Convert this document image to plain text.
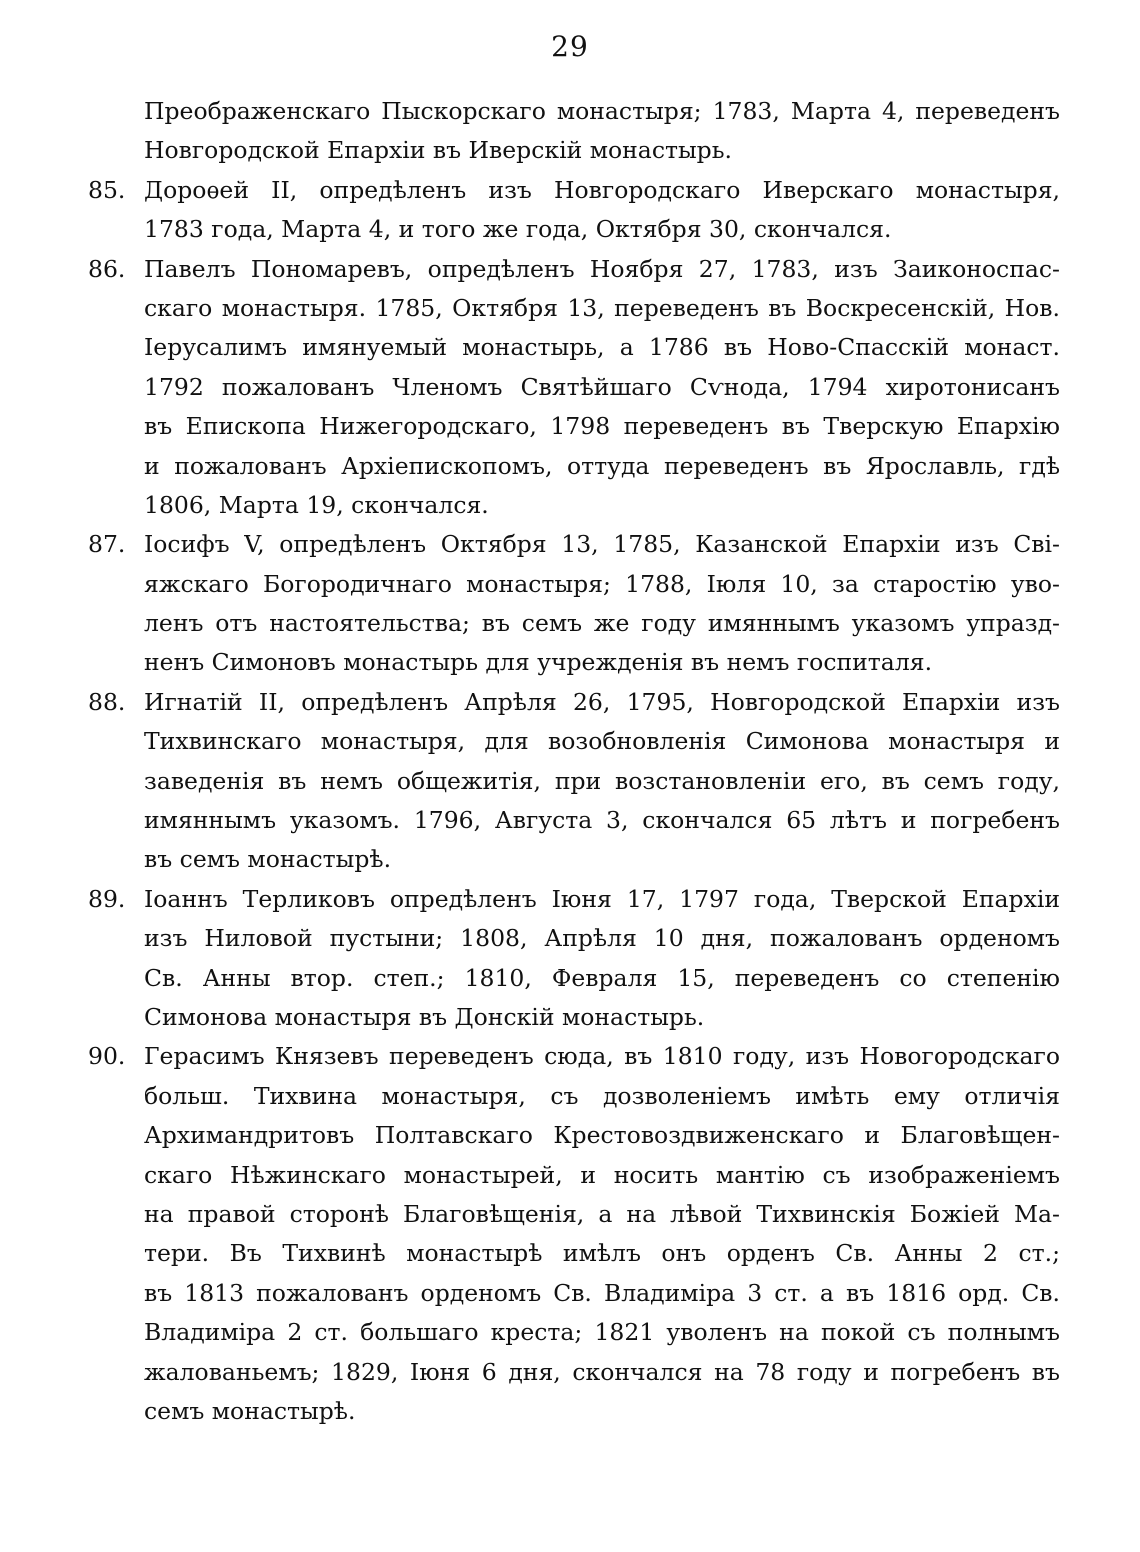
29
Преображенскаго Пыскорскаго монастыря; 1783, Марта 4, переведенъ
Новгородской Епархіи въ Иверскій монастырь.
85. Дороѳей II, опредѣленъ изъ Новгородскаго Иверскаго монастыря,
1783 года, Марта 4, и того же года, Октября 30, скончался.
86. Павелъ Пономаревъ, опредѣленъ Ноября 27, 1783, изъ Заиконоспас-
скаго монастыря. 1785, Октября 13, переведенъ въ Воскресенскій, Нов.
Іерусалимъ имянуемый монастырь, а 1786 въ Ново-Спасскій монаст.
1792 пожалованъ Членомъ Святѣйшаго Сѵнода, 1794 хиротонисанъ
въ Епископа Нижегородскаго, 1798 переведенъ въ Тверскую Епархію
и пожалованъ Архіепископомъ, оттуда переведенъ въ Ярославль, гдѣ
1806, Марта 19, скончался.
87. Іосифъ V, опредѣленъ Октября 13, 1785, Казанской Епархіи изъ Сві-
яжскаго Богородичнаго монастыря; 1788, Іюля 10, за старостію уво-
ленъ отъ настоятельства; въ семъ же году имяннымъ указомъ упразд-
ненъ Симоновъ монастырь для учрежденія въ немъ госпиталя.
88. Игнатій II, опредѣленъ Апрѣля 26, 1795, Новгородской Епархіи изъ
Тихвинскаго монастыря, для возобновленія Симонова монастыря и
заведенія въ немъ общежитія, при возстановленіи его, въ семъ году,
имяннымъ указомъ. 1796, Августа 3, скончался 65 лѣтъ и погребенъ
въ семъ монастырѣ.
89. Іоаннъ Терликовъ опредѣленъ Іюня 17, 1797 года, Тверской Епархіи
изъ Ниловой пустыни; 1808, Апрѣля 10 дня, пожалованъ орденомъ
Св. Анны втор. степ.; 1810, Февраля 15, переведенъ со степенію
Симонова монастыря въ Донскій монастырь.
90. Герасимъ Князевъ переведенъ сюда, въ 1810 году, изъ Новогородскаго
больш. Тихвина монастыря, съ дозволеніемъ имѣть ему отличія
Архимандритовъ Полтавскаго Крестовоздвиженскаго и Благовѣщен-
скаго Нѣжинскаго монастырей, и носить мантію съ изображеніемъ
на правой сторонѣ Благовѣщенія, а на лѣвой Тихвинскія Божіей Ма-
тери. Въ Тихвинѣ монастырѣ имѣлъ онъ орденъ Св. Анны 2 ст.;
въ 1813 пожалованъ орденомъ Св. Владиміра 3 ст. а въ 1816 орд. Св.
Владиміра 2 ст. большаго креста; 1821 уволенъ на покой съ полнымъ
жалованьемъ; 1829, Іюня 6 дня, скончался на 78 году и погребенъ въ
семъ монастырѣ.
